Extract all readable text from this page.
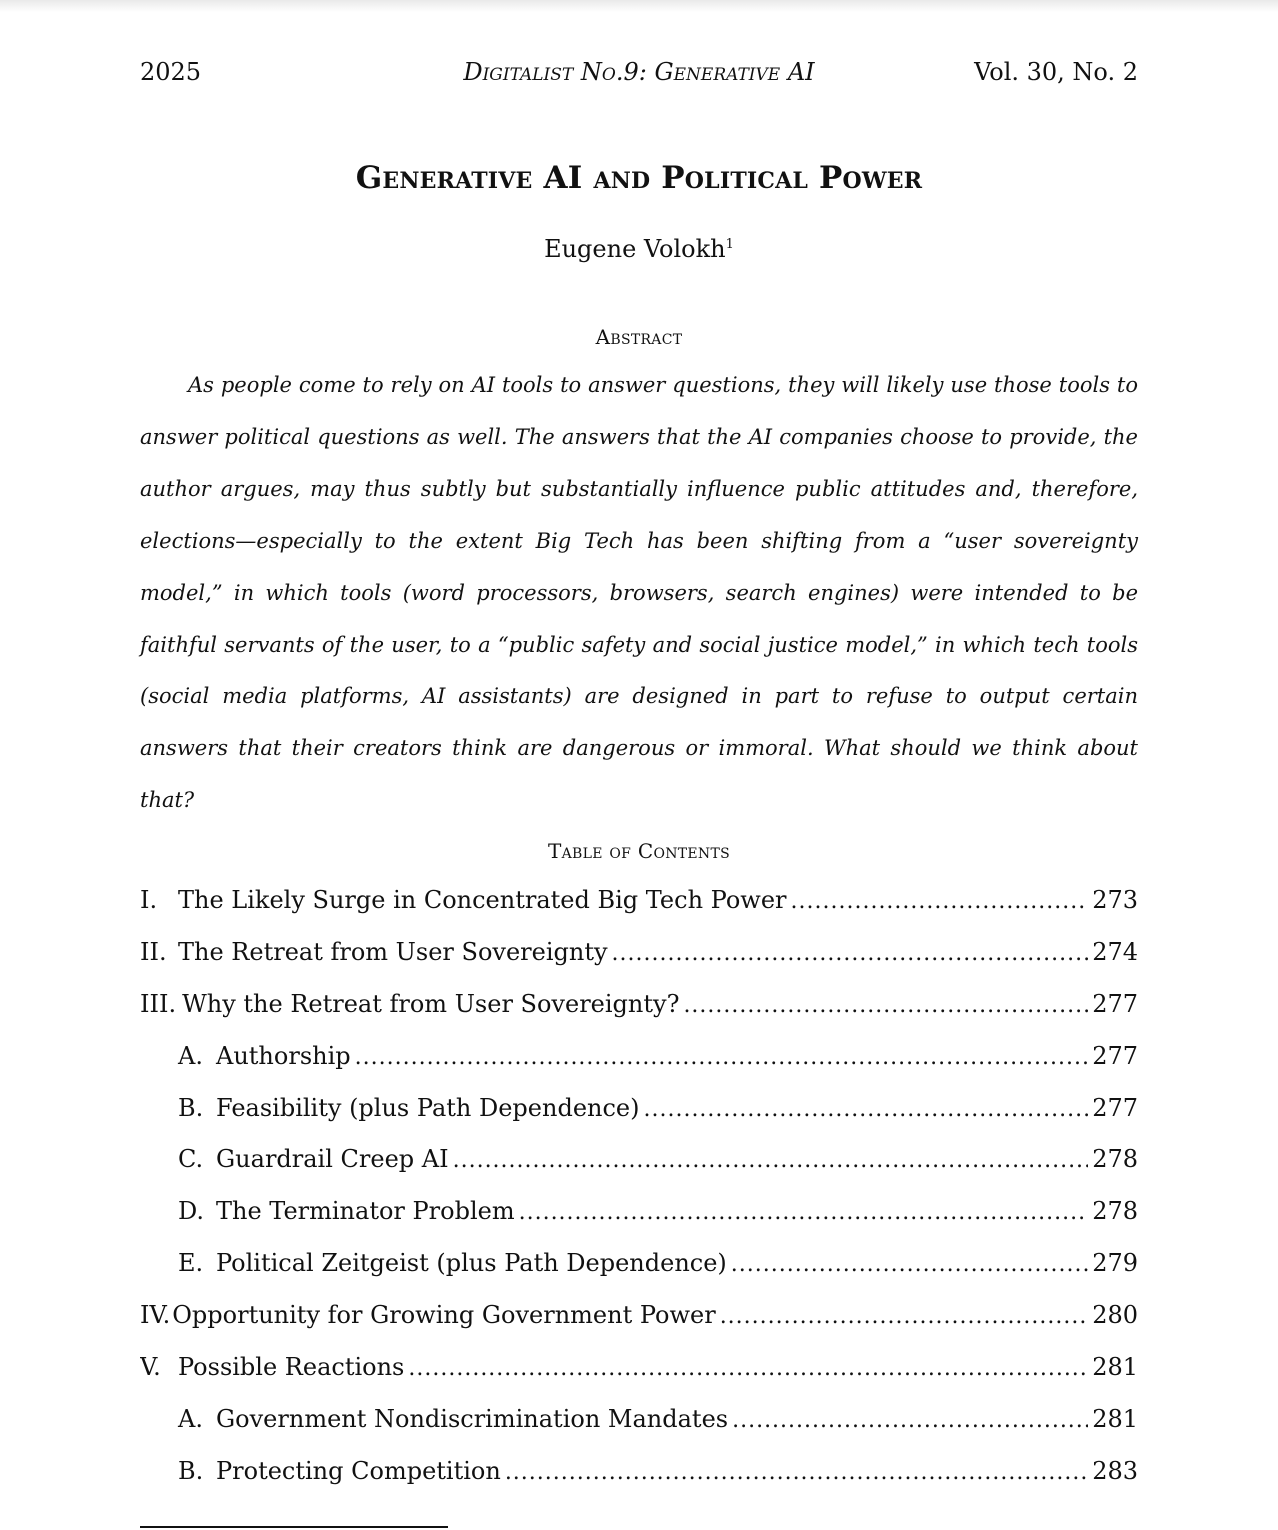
2025	Digitalist No.9: Generative AI	Vol. 30, No. 2
Generative AI and Political Power
Eugene Volokh$^1$
Abstract

As people come to rely on AI tools to answer questions, they will likely use those tools to answer political questions as well. The answers that the AI companies choose to provide, the author argues, may thus subtly but substantially influence public attitudes and, therefore, elections—especially to the extent Big Tech has been shifting from a “user sovereignty model,” in which tools (word processors, browsers, search engines) were intended to be faithful servants of the user, to a “public safety and social justice model,” in which tech tools (social media platforms, AI assistants) are designed in part to refuse to output certain answers that their creators think are dangerous or immoral. What should we think about that?

Table of Contents
I. The Likely Surge in Concentrated Big Tech Power .....	273
II. The Retreat from User Sovereignty .....	274
III. Why the Retreat from User Sovereignty? .....	277
A. Authorship .....	277
B. Feasibility (plus Path Dependence) .....	277
C. Guardrail Creep AI .....	278
D. The Terminator Problem .....	278
E. Political Zeitgeist (plus Path Dependence) .....	279
IV. Opportunity for Growing Government Power .....	280
V. Possible Reactions .....	281
A. Government Nondiscrimination Mandates .....	281
B. Protecting Competition .....	283
